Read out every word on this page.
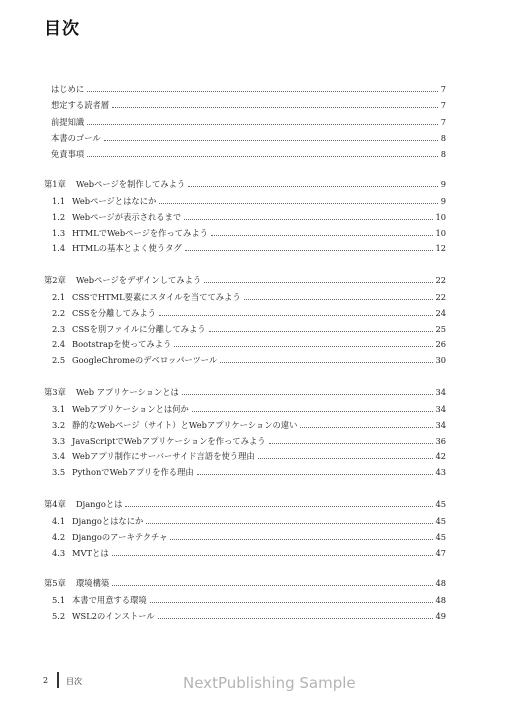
目次
はじめに	7
想定する読者層	7
前提知識	7
本書のゴール	8
免責事項	8
第1章	Webページを制作してみよう	9
1.1 Webページとはなにか	9
1.2 Webページが表示されるまで	10
1.3 HTMLでWebページを作ってみよう	10
1.4 HTMLの基本とよく使うタグ	12
第2章	Webページをデザインしてみよう	22
2.1 CSSでHTML要素にスタイルを当ててみよう	22
2.2 CSSを分離してみよう	24
2.3 CSSを別ファイルに分離してみよう	25
2.4 Bootstrapを使ってみよう	26
2.5 GoogleChromeのデベロッパーツール	30
第3章	Web アプリケーションとは	34
3.1 Webアプリケーションとは何か	34
3.2 静的なWebページ（サイト）とWebアプリケーションの違い	34
3.3 JavaScriptでWebアプリケーションを作ってみよう	36
3.4 Webアプリ制作にサーバーサイド言語を使う理由	42
3.5 PythonでWebアプリを作る理由	43
第4章	Djangoとは	45
4.1 Djangoとはなにか	45
4.2 Djangoのアーキテクチャ	45
4.3 MVTとは	47
第5章	環境構築	48
5.1 本書で用意する環境	48
5.2 WSL2のインストール	49
2 目次	NextPublishing Sample
